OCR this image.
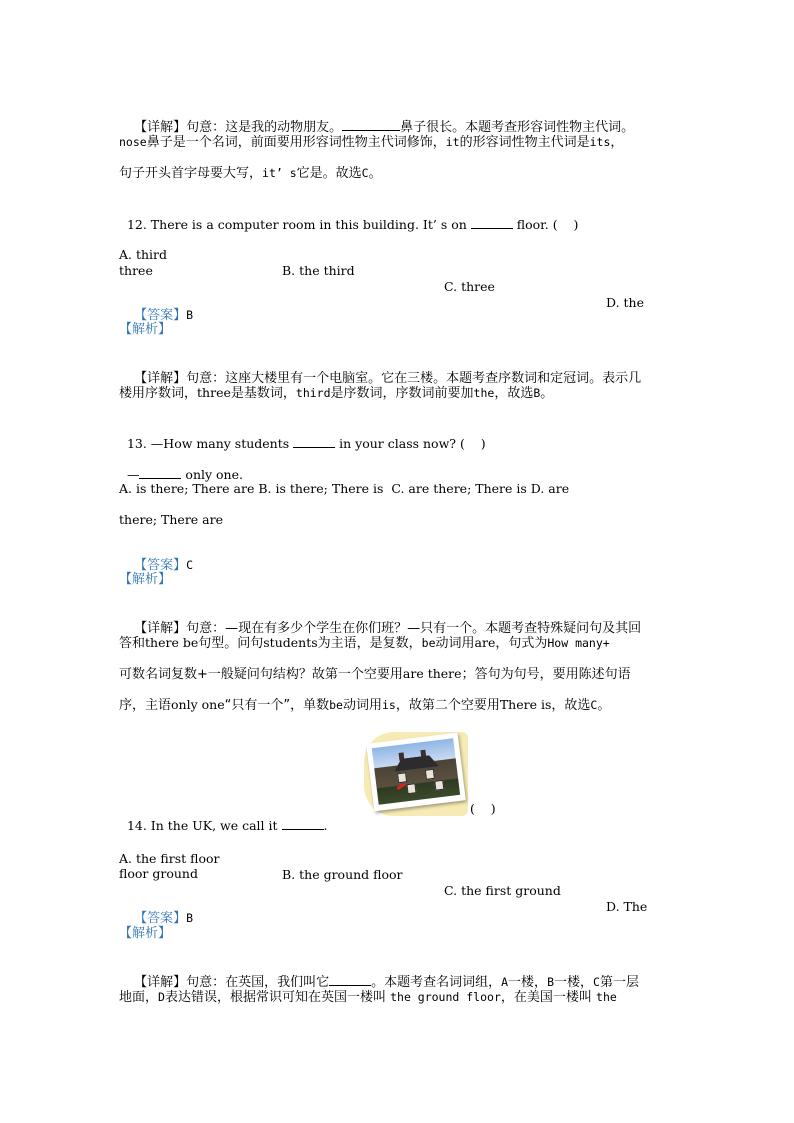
【详解】句意：这是我的动物朋友。	鼻子很长。本题考查形容词性物主代词。

nose鼻子是一个名词，前面要用形容词性物主代词修饰，it的形容词性物主代词是its，
句子开头首字母要大写，it’ s它是。故选C。

12. There is a computer room in this building. It’ s on	floor. (    )

A. third

B. the third

C. three

D. the

three

【答案】B

【解析】

【详解】句意：这座大楼里有一个电脑室。它在三楼。本题考查序数词和定冠词。表示几

楼用序数词，three是基数词，third是序数词，序数词前要加the，故选B。

13. —How many students	in your class now? (    )

—	only one.

A. is there; There are B. is there; There is  C. are there; There is D. are
there; There are

【答案】C

【解析】

【详解】句意：—现在有多少个学生在你们班？—只有一个。本题考查特殊疑问句及其回

答和there be句型。问句students为主语，是复数，be动词用are，句式为How many+
可数名词复数+一般疑问句结构？故第一个空要用are there；答句为句号，要用陈述句语
序，主语only one“只有一个”，单数be动词用is，故第二个空要用There is，故选C。

14. In the UK, we call it	.

(    )

A. the first floor

B. the ground floor

C. the first ground

D. The

floor ground

【答案】B

【解析】

【详解】句意：在英国，我们叫它	。本题考查名词词组，A一楼，B一楼，C第一层

地面，D表达错误，根据常识可知在英国一楼叫 the ground floor，在美国一楼叫 the
